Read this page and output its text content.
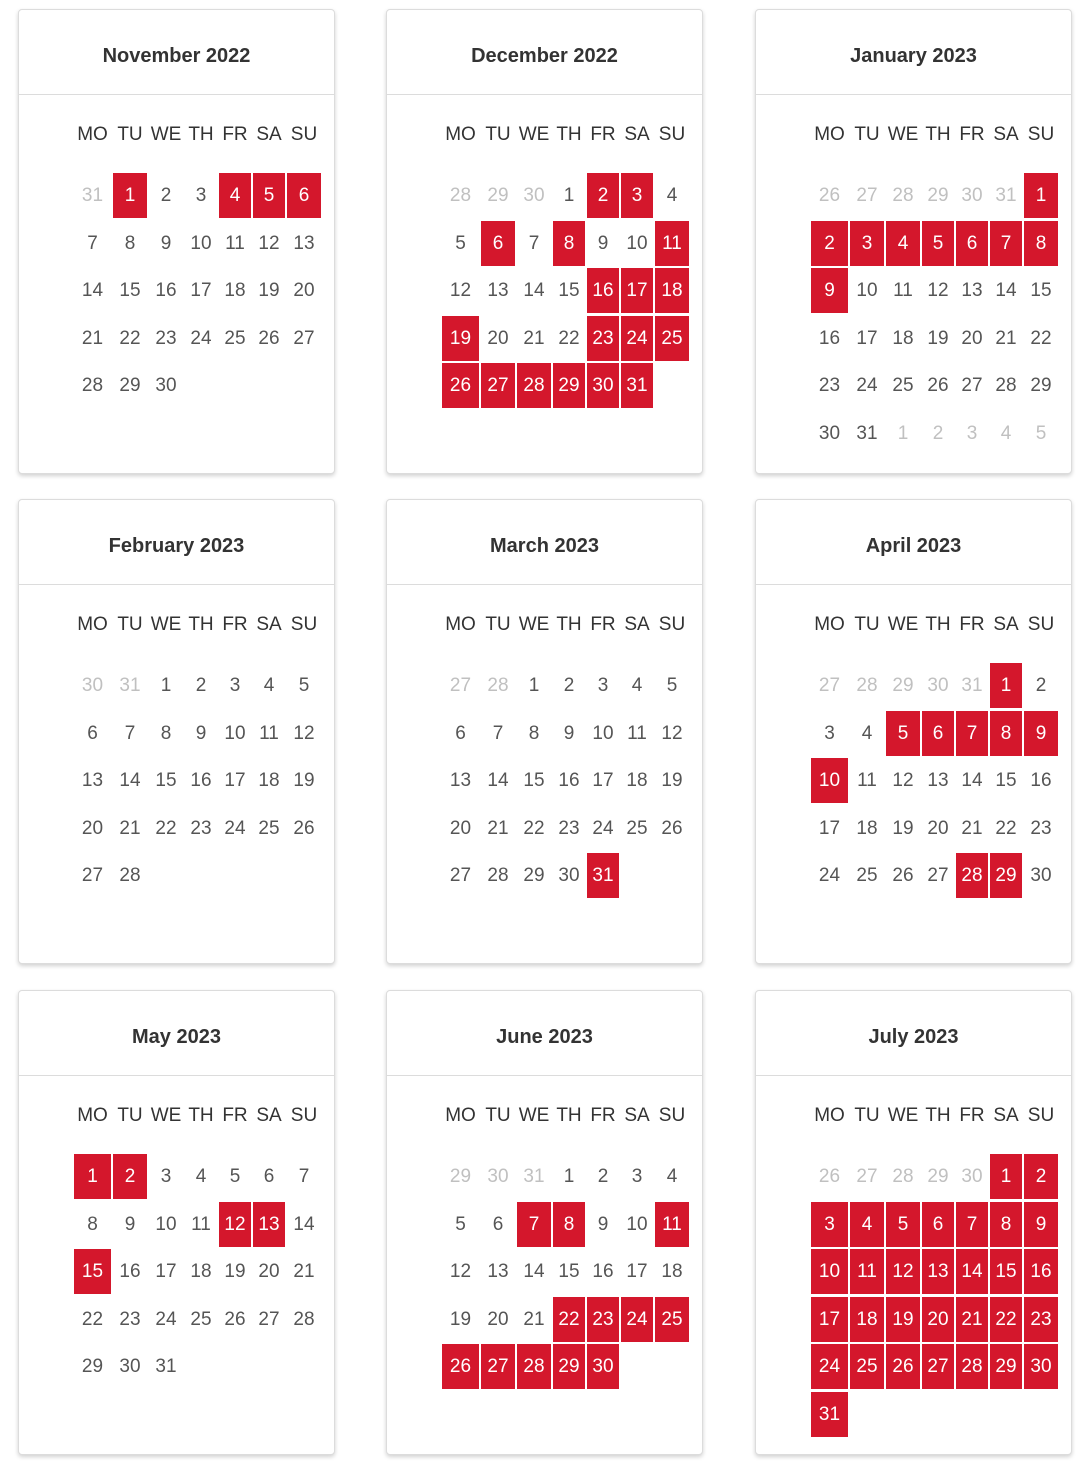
November 2022
MO TU WE TH FR SA SU
31	1	2	3	4	5	6
7	8	9	10 11 12 13
14 15 16 17 18 19 20
21 22 23 24 25 26 27
28 29 30
December 2022
MO TU WE TH FR SA SU
28 29 30	1	2	3	4
5	6	7	8	9 10 11
12 13 14 15 16 17 18
19 20 21 22 23 24 25
26 27 28 29 30 31
January 2023
MO TU WE TH FR SA SU
26 27 28 29 30 31	1
2	3	4	5	6	7	8
9	10 11 12 13 14 15
16 17 18 19 20 21 22
23 24 25 26 27 28 29
30 31	1	2	3	4	5
February 2023
MO TU WE TH FR SA SU
30 31	1	2	3	4	5
6	7	8	9 10 11 12
13 14 15 16 17 18 19
20 21 22 23 24 25 26
27 28
March 2023
MO TU WE TH FR SA SU
27 28	1	2	3	4	5
6	7	8	9 10 11 12
13 14 15 16 17 18 19
20 21 22 23 24 25 26
27 28 29 30 31
April 2023
MO TU WE TH FR SA SU
27 28 29 30 31 1	2
3	4	5	6	7	8	9
10 11 12 13 14 15 16
17 18 19 20 21 22 23
24 25 26 27 28 29 30
May 2023
MO TU WE TH FR SA SU
1	2	3	4	5	6	7
8	9	10 11 12 13 14
15 16 17 18 19 20 21
22 23 24 25 26 27 28
29 30 31
June 2023
MO TU WE TH FR SA SU
29 30 31	1	2	3	4
5	6	7	8	9 10 11
12 13 14 15 16 17 18
19 20 21 22 23 24 25
26 27 28 29 30
July 2023
MO TU WE TH FR SA SU
26 27 28 29 30 1	2
3	4	5	6	7	8	9
10 11 12 13 14 15 16
17 18 19 20 21 22 23
24 25 26 27 28 29 30
31
